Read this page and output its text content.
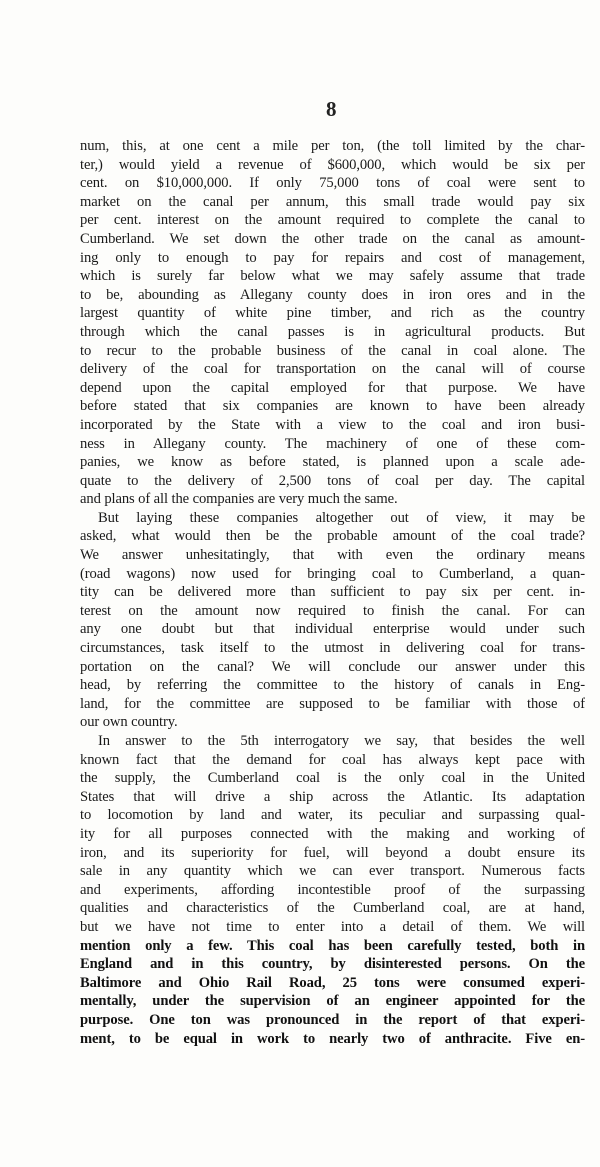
8
num, this, at one cent a mile per ton, (the toll limited by the char-
ter,) would yield a revenue of $600,000, which would be six per
cent. on $10,000,000. If only 75,000 tons of coal were sent to
market on the canal per annum, this small trade would pay six
per cent. interest on the amount required to complete the canal to
Cumberland. We set down the other trade on the canal as amount-
ing only to enough to pay for repairs and cost of management,
which is surely far below what we may safely assume that trade
to be, abounding as Allegany county does in iron ores and in the
largest quantity of white pine timber, and rich as the country
through which the canal passes is in agricultural products. But
to recur to the probable business of the canal in coal alone. The
delivery of the coal for transportation on the canal will of course
depend upon the capital employed for that purpose. We have
before stated that six companies are known to have been already
incorporated by the State with a view to the coal and iron busi-
ness in Allegany county. The machinery of one of these com-
panies, we know as before stated, is planned upon a scale ade-
quate to the delivery of 2,500 tons of coal per day. The capital
and plans of all the companies are very much the same.
But laying these companies altogether out of view, it may be
asked, what would then be the probable amount of the coal trade?
We answer unhesitatingly, that with even the ordinary means
(road wagons) now used for bringing coal to Cumberland, a quan-
tity can be delivered more than sufficient to pay six per cent. in-
terest on the amount now required to finish the canal. For can
any one doubt but that individual enterprise would under such
circumstances, task itself to the utmost in delivering coal for trans-
portation on the canal? We will conclude our answer under this
head, by referring the committee to the history of canals in Eng-
land, for the committee are supposed to be familiar with those of
our own country.
In answer to the 5th interrogatory we say, that besides the well
known fact that the demand for coal has always kept pace with
the supply, the Cumberland coal is the only coal in the United
States that will drive a ship across the Atlantic. Its adaptation
to locomotion by land and water, its peculiar and surpassing qual-
ity for all purposes connected with the making and working of
iron, and its superiority for fuel, will beyond a doubt ensure its
sale in any quantity which we can ever transport. Numerous facts
and experiments, affording incontestible proof of the surpassing
qualities and characteristics of the Cumberland coal, are at hand,
but we have not time to enter into a detail of them. We will
mention only a few. This coal has been carefully tested, both in
England and in this country, by disinterested persons. On the
Baltimore and Ohio Rail Road, 25 tons were consumed experi-
mentally, under the supervision of an engineer appointed for the
purpose. One ton was pronounced in the report of that experi-
ment, to be equal in work to nearly two of anthracite. Five en-
